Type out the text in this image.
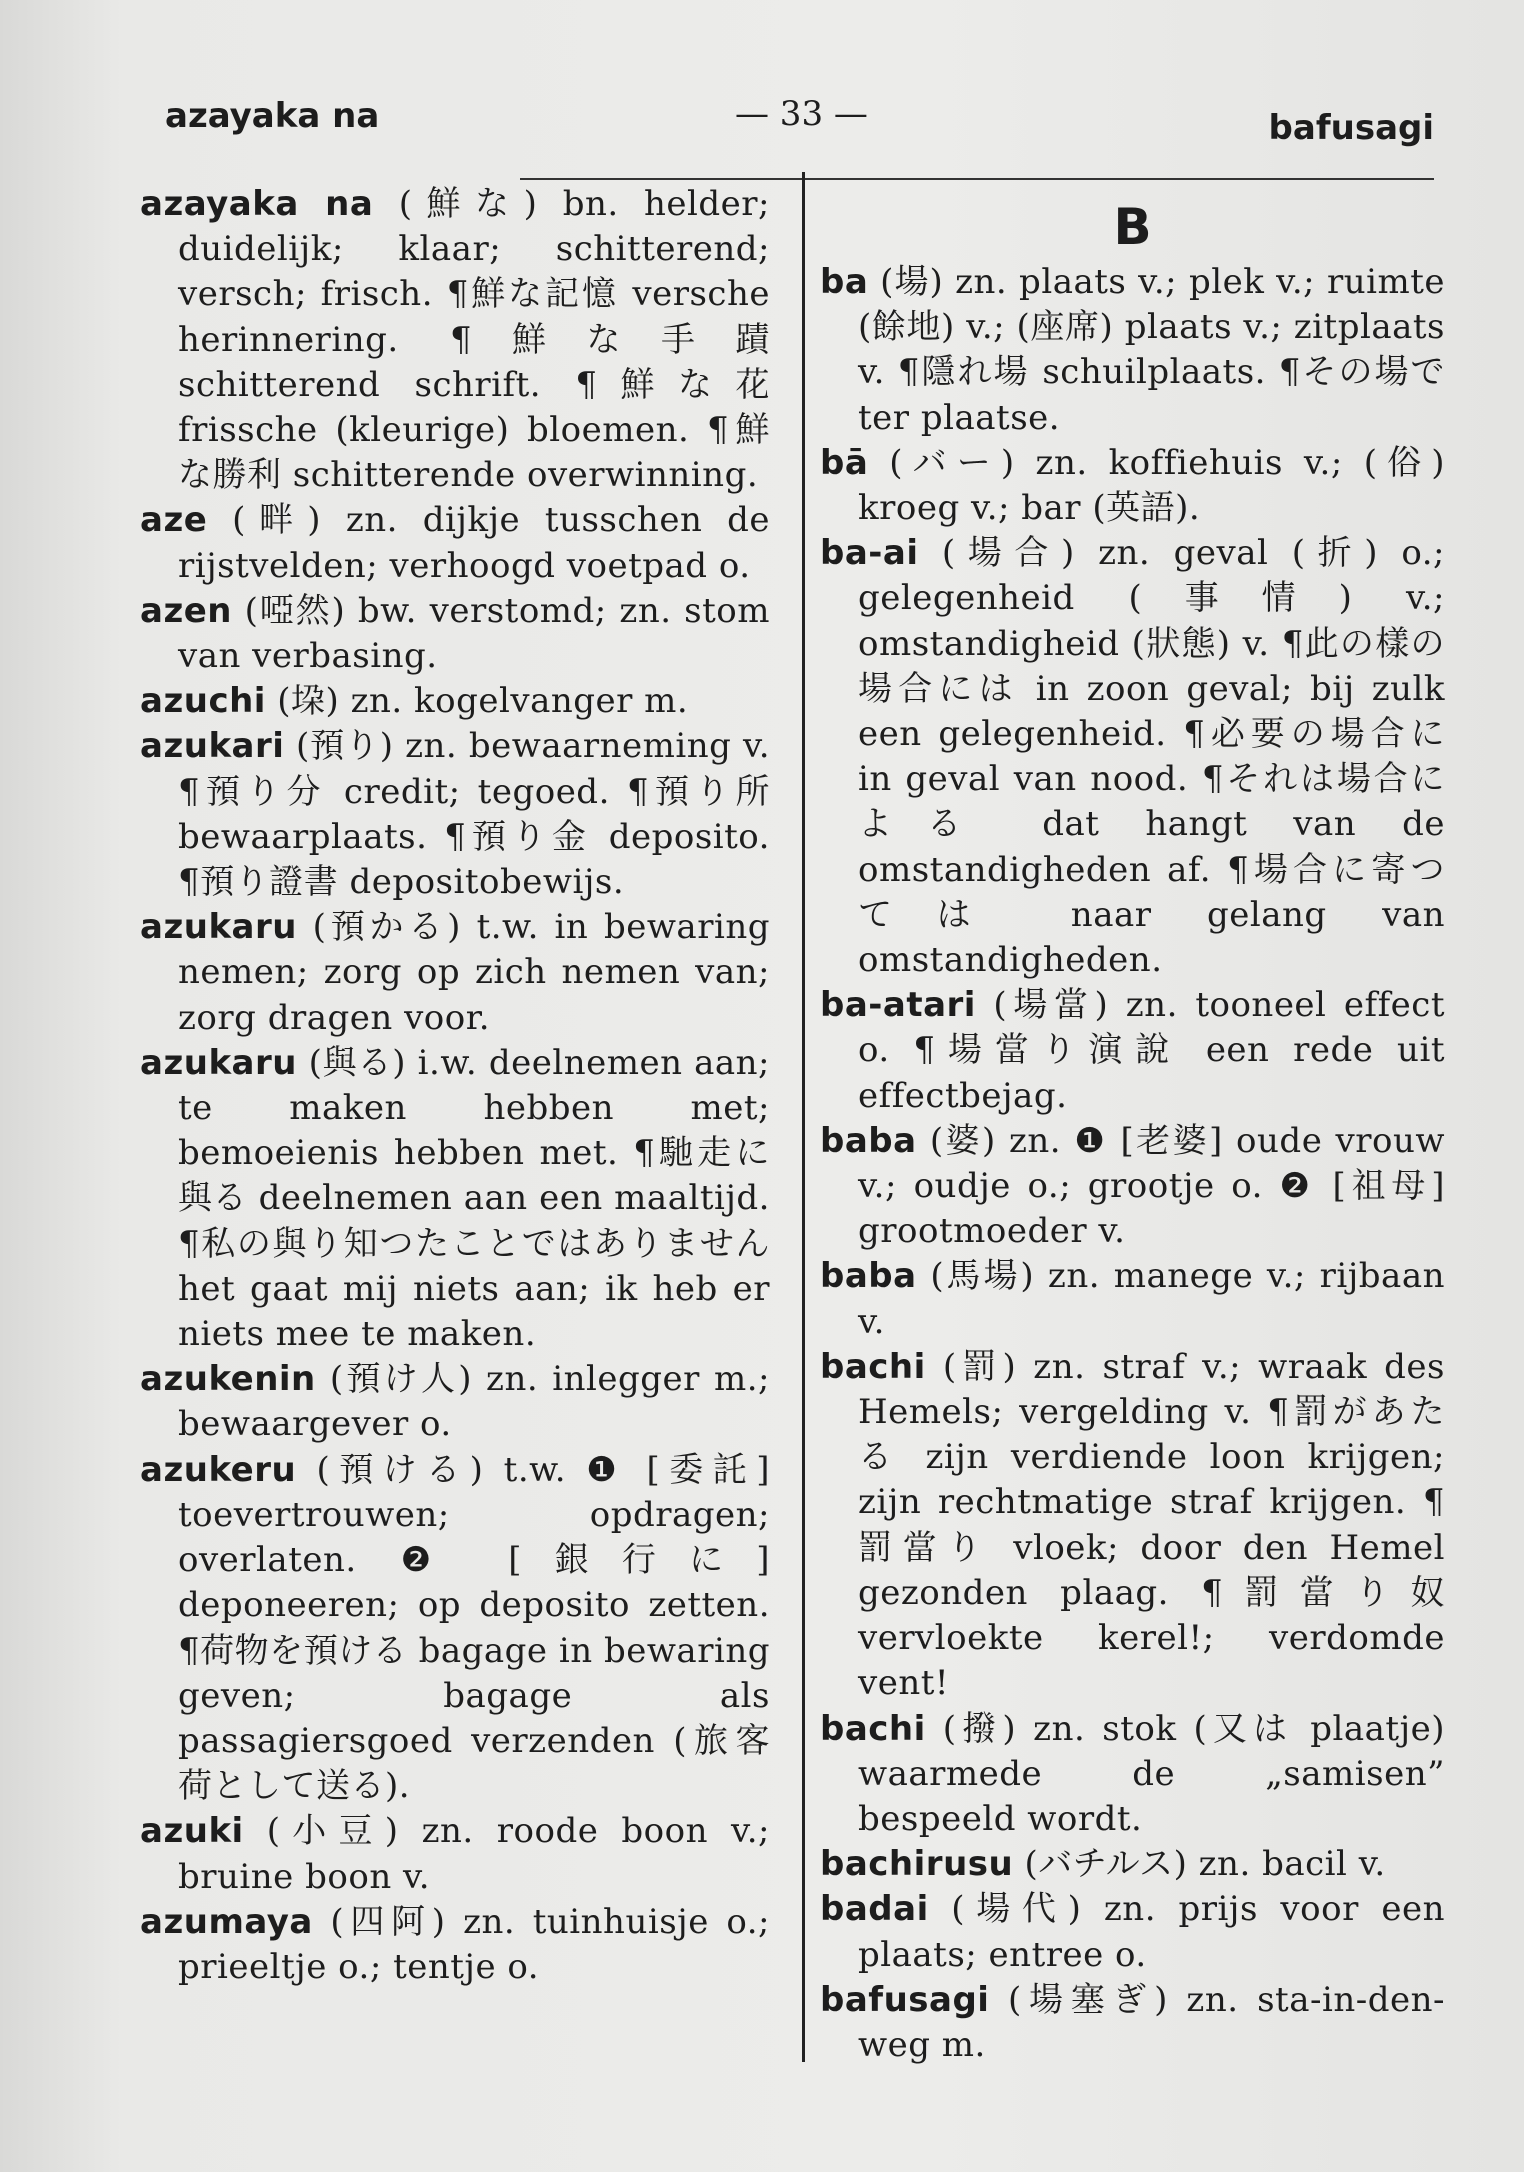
azayaka na	— 33 —	bafusagi

azayaka na (鮮な) bn. helder; duidelijk; klaar; schitterend; versch; frisch. ¶鮮な記憶 versche herinnering. ¶鮮な手蹟 schitterend schrift. ¶鮮な花 frissche (kleurige) bloemen. ¶鮮な勝利 schitterende overwinning.

aze (畔) zn. dijkje tusschen de rijstvelden; verhoogd voetpad o.

azen (啞然) bw. verstomd; zn. stom van verbasing.

azuchi (垜) zn. kogelvanger m.

azukari (預り) zn. bewaarneming v. ¶預り分 credit; tegoed. ¶預り所 bewaarplaats. ¶預り金 deposito. ¶預り證書 depositobewijs.

azukaru (預かる) t.w. in bewaring nemen; zorg op zich nemen van; zorg dragen voor.

azukaru (與る) i.w. deelnemen aan; te maken hebben met; bemoeienis hebben met. ¶馳走に與る deelnemen aan een maaltijd. ¶私の與り知つたことではありません het gaat mij niets aan; ik heb er niets mee te maken.

azukenin (預け人) zn. inlegger m.; bewaargever o.

azukeru (預ける) t.w. ❶ [委託] toevertrouwen; opdragen; overlaten. ❷ [銀行に] deponeeren; op deposito zetten. ¶荷物を預ける bagage in bewaring geven; bagage als passagiersgoed verzenden (旅客荷として送る).

azuki (小豆) zn. roode boon v.; bruine boon v.

azumaya (四阿) zn. tuinhuisje o.; prieeltje o.; tentje o.

B

ba (場) zn. plaats v.; plek v.; ruimte (餘地) v.; (座席) plaats v.; zitplaats v. ¶隱れ場 schuilplaats. ¶その場で ter plaatse.

bā (バー) zn. koffiehuis v.; (俗) kroeg v.; bar (英語).

ba-ai (場合) zn. geval (折) o.; gelegenheid (事情) v.; omstandigheid (狀態) v. ¶此の樣の場合には in zoon geval; bij zulk een gelegenheid. ¶必要の場合に in geval van nood. ¶それは場合による dat hangt van de omstandigheden af. ¶場合に寄つては naar gelang van omstandigheden.

ba-atari (場當) zn. tooneel effect o. ¶場當り演說 een rede uit effectbejag.

baba (婆) zn. ❶ [老婆] oude vrouw v.; oudje o.; grootje o. ❷ [祖母] grootmoeder v.

baba (馬場) zn. manege v.; rijbaan v.

bachi (罰) zn. straf v.; wraak des Hemels; vergelding v. ¶罰があたる zijn verdiende loon krijgen; zijn rechtmatige straf krijgen. ¶罰當り vloek; door den Hemel gezonden plaag. ¶罰當り奴 vervloekte kerel!; verdomde vent!

bachi (撥) zn. stok (又は plaatje) waarmede de „samisen” bespeeld wordt.

bachirusu (バチルス) zn. bacil v.

badai (場代) zn. prijs voor een plaats; entree o.

bafusagi (場塞ぎ) zn. sta-in-den-weg m.
